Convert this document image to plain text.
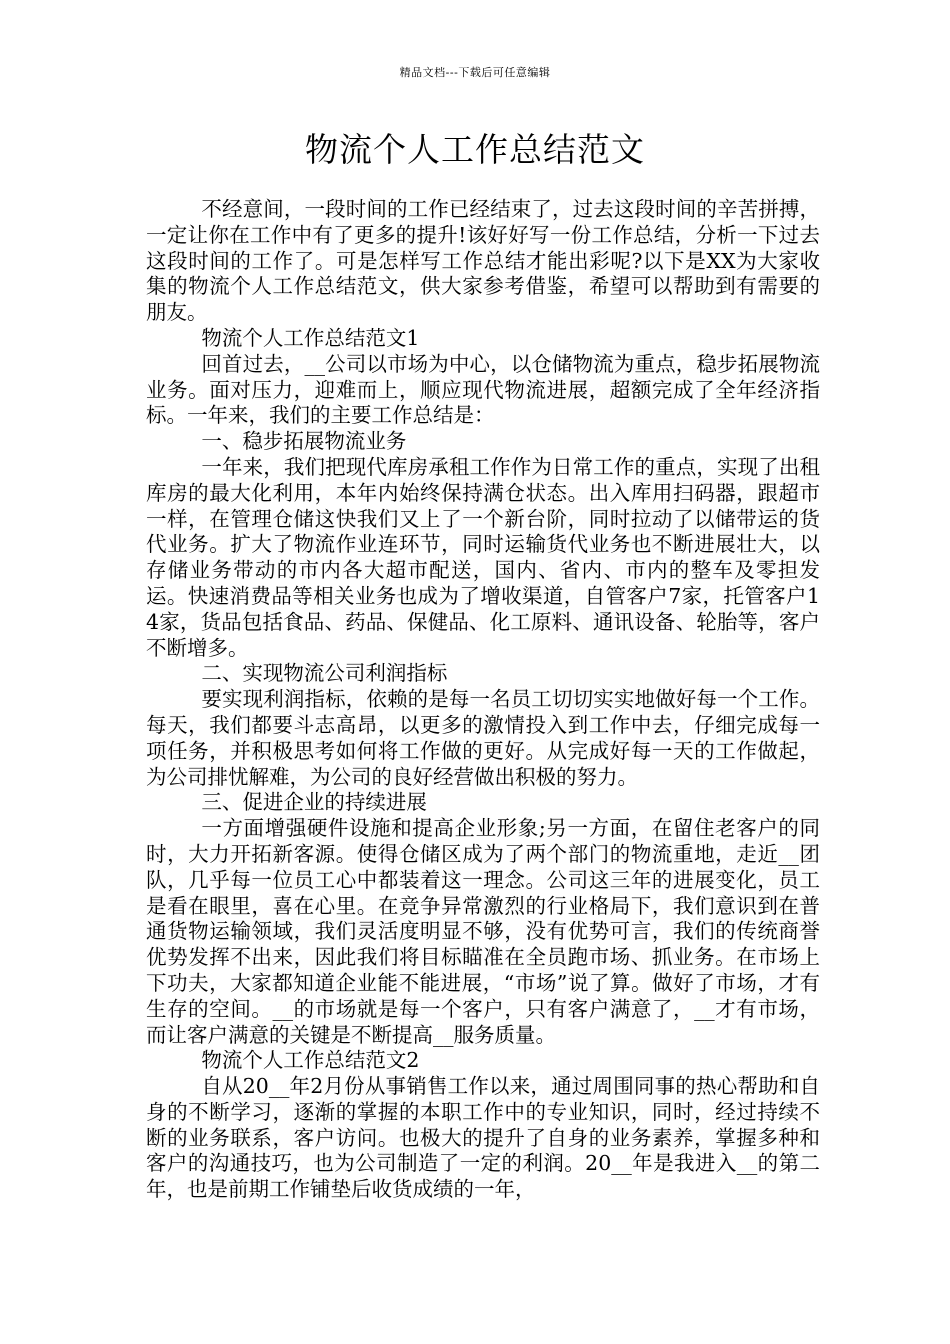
精品文档---下载后可任意编辑
物流个人工作总结范文

不经意间，一段时间的工作已经结束了，过去这段时间的辛苦拼搏，一定让你在工作中有了更多的提升!该好好写一份工作总结，分析一下过去这段时间的工作了。可是怎样写工作总结才能出彩呢?以下是XX为大家收集的物流个人工作总结范文，供大家参考借鉴，希望可以帮助到有需要的朋友。

物流个人工作总结范文1

回首过去，__公司以市场为中心，以仓储物流为重点，稳步拓展物流业务。面对压力，迎难而上，顺应现代物流进展，超额完成了全年经济指标。一年来，我们的主要工作总结是：

一、稳步拓展物流业务

一年来，我们把现代库房承租工作作为日常工作的重点，实现了出租库房的最大化利用，本年内始终保持满仓状态。出入库用扫码器，跟超市一样，在管理仓储这快我们又上了一个新台阶，同时拉动了以储带运的货代业务。扩大了物流作业连环节，同时运输货代业务也不断进展壮大，以存储业务带动的市内各大超市配送，国内、省内、市内的整车及零担发运。快速消费品等相关业务也成为了增收渠道，自管客户7家，托管客户14家，货品包括食品、药品、保健品、化工原料、通讯设备、轮胎等，客户不断增多。

二、实现物流公司利润指标

要实现利润指标，依赖的是每一名员工切切实实地做好每一个工作。每天，我们都要斗志高昂，以更多的激情投入到工作中去，仔细完成每一项任务，并积极思考如何将工作做的更好。从完成好每一天的工作做起，为公司排忧解难，为公司的良好经营做出积极的努力。

三、促进企业的持续进展

一方面增强硬件设施和提高企业形象;另一方面，在留住老客户的同时，大力开拓新客源。使得仓储区成为了两个部门的物流重地，走近__团队，几乎每一位员工心中都装着这一理念。公司这三年的进展变化，员工是看在眼里，喜在心里。在竞争异常激烈的行业格局下，我们意识到在普通货物运输领域，我们灵活度明显不够，没有优势可言，我们的传统商誉优势发挥不出来，因此我们将目标瞄准在全员跑市场、抓业务。在市场上下功夫，大家都知道企业能不能进展，“市场”说了算。做好了市场，才有生存的空间。__的市场就是每一个客户，只有客户满意了，__才有市场，而让客户满意的关键是不断提高__服务质量。

物流个人工作总结范文2

自从20__年2月份从事销售工作以来，通过周围同事的热心帮助和自身的不断学习，逐渐的掌握的本职工作中的专业知识，同时，经过持续不断的业务联系，客户访问。也极大的提升了自身的业务素养，掌握多种和客户的沟通技巧，也为公司制造了一定的利润。20__年是我进入__的第二年，也是前期工作铺垫后收货成绩的一年，
